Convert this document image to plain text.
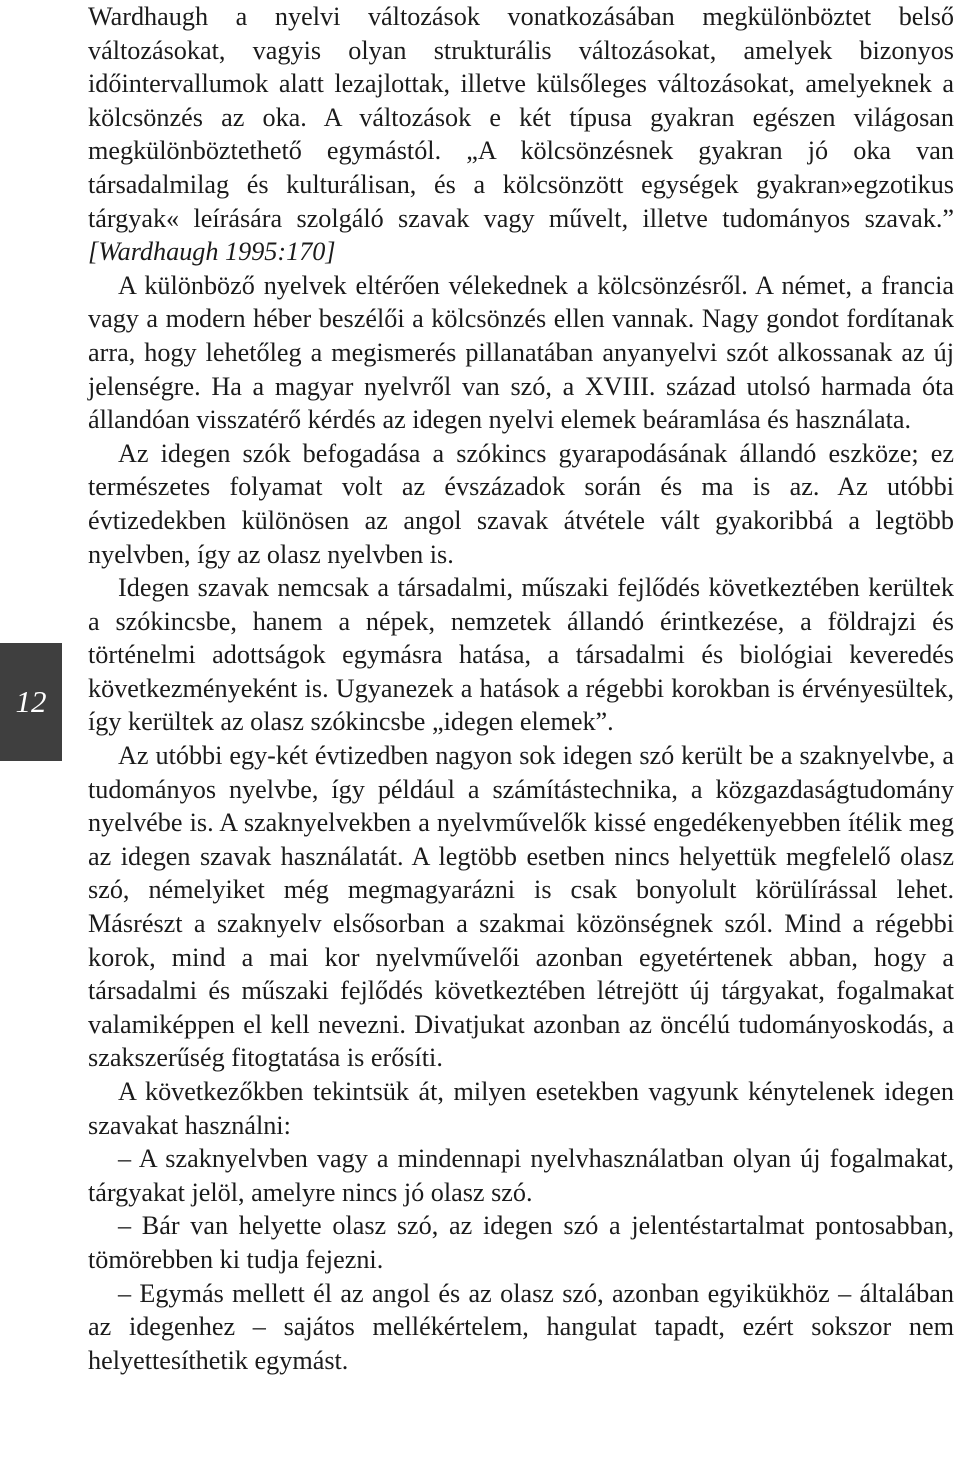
12

Wardhaugh a nyelvi változások vonatkozásában megkülönböztet belső változásokat, vagyis olyan strukturális változásokat, amelyek bizonyos időintervallumok alatt lezajlottak, illetve külsőleges változásokat, amelyeknek a kölcsönzés az oka. A változások e két típusa gyakran egészen világosan megkülönböztethető egymástól. „A kölcsönzésnek gyakran jó oka van társadalmilag és kulturálisan, és a kölcsönzött egységek gyakran»egzotikus tárgyak« leírására szolgáló szavak vagy művelt, illetve tudományos szavak.” [Wardhaugh 1995:170]

A különböző nyelvek eltérően vélekednek a kölcsönzésről. A német, a francia vagy a modern héber beszélői a kölcsönzés ellen vannak. Nagy gondot fordítanak arra, hogy lehetőleg a megismerés pillanatában anyanyelvi szót alkossanak az új jelenségre. Ha a magyar nyelvről van szó, a XVIII. század utolsó harmada óta állandóan visszatérő kérdés az idegen nyelvi elemek beáramlása és használata.

Az idegen szók befogadása a szókincs gyarapodásának állandó eszköze; ez természetes folyamat volt az évszázadok során és ma is az. Az utóbbi évtizedekben különösen az angol szavak átvétele vált gyakoribbá a legtöbb nyelvben, így az olasz nyelvben is.

Idegen szavak nemcsak a társadalmi, műszaki fejlődés következtében kerültek a szókincsbe, hanem a népek, nemzetek állandó érintkezése, a földrajzi és történelmi adottságok egymásra hatása, a társadalmi és biológiai keveredés következményeként is. Ugyanezek a hatások a régebbi korokban is érvényesültek, így kerültek az olasz szókincsbe „idegen elemek”.

Az utóbbi egy-két évtizedben nagyon sok idegen szó került be a szaknyelvbe, a tudományos nyelvbe, így például a számítástechnika, a közgazdaságtudomány nyelvébe is. A szaknyelvekben a nyelvművelők kissé engedékenyebben ítélik meg az idegen szavak használatát. A legtöbb esetben nincs helyettük megfelelő olasz szó, némelyiket még megmagyarázni is csak bonyolult körülírással lehet. Másrészt a szaknyelv elsősorban a szakmai közönségnek szól. Mind a régebbi korok, mind a mai kor nyelvművelői azonban egyetértenek abban, hogy a társadalmi és műszaki fejlődés következtében létrejött új tárgyakat, fogalmakat valamiképpen el kell nevezni. Divatjukat azonban az öncélú tudományoskodás, a szakszerűség fitogtatása is erősíti.

A következőkben tekintsük át, milyen esetekben vagyunk kénytelenek idegen szavakat használni:

– A szaknyelvben vagy a mindennapi nyelvhasználatban olyan új fogalmakat, tárgyakat jelöl, amelyre nincs jó olasz szó.

– Bár van helyette olasz szó, az idegen szó a jelentéstartalmat pontosabban, tömörebben ki tudja fejezni.

– Egymás mellett él az angol és az olasz szó, azonban egyikükhöz – általában az idegenhez – sajátos mellékértelem, hangulat tapadt, ezért sokszor nem helyettesíthetik egymást.
